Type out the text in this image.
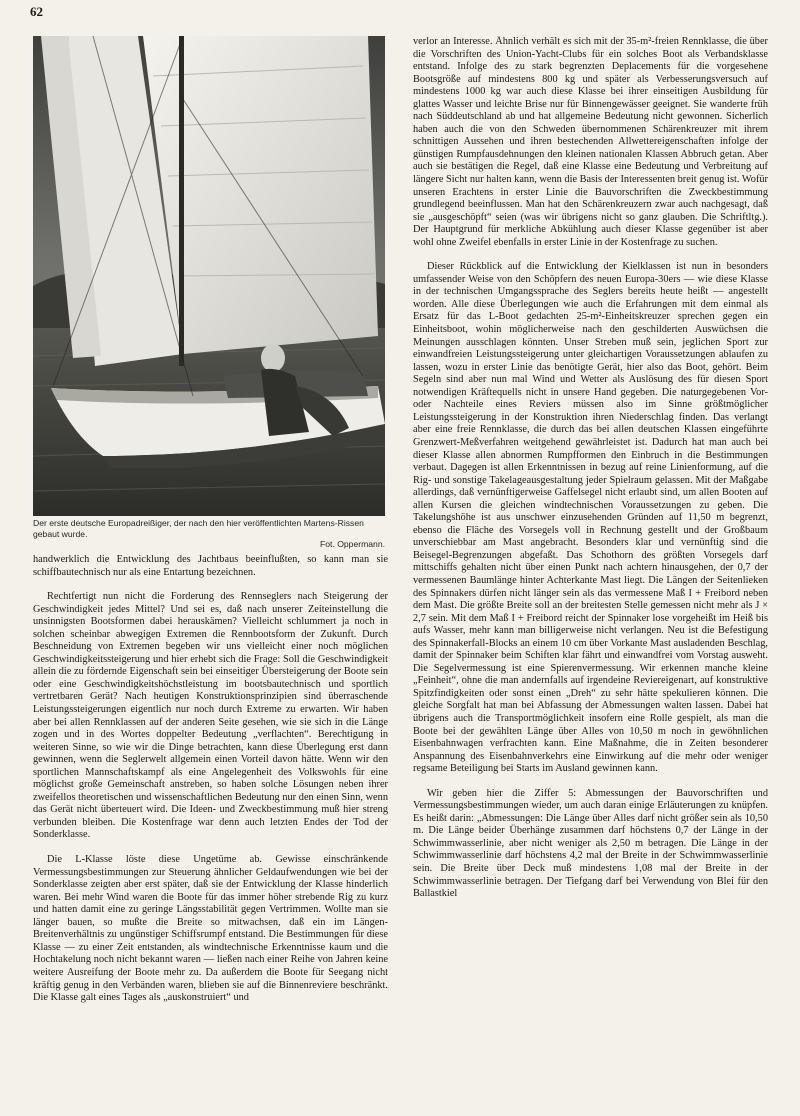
62
Der erste deutsche Europadreißiger, der nach den hier veröffentlichten Martens-Rissen gebaut wurde.
Fot. Oppermann.

handwerklich die Entwicklung des Jachtbaus beeinflußten, so kann man sie schiffbautechnisch nur als eine Entartung bezeichnen.

Rechtfertigt nun nicht die Forderung des Rennseglers nach Steigerung der Geschwindigkeit jedes Mittel? Und sei es, daß nach unserer Zeiteinstellung die unsinnigsten Bootsformen dabei herauskämen? Vielleicht schlummert ja noch in solchen scheinbar abwegigen Extremen die Rennbootsform der Zukunft. Durch Beschneidung von Extremen begeben wir uns vielleicht einer noch möglichen Geschwindigkeitssteigerung und hier erhebt sich die Frage: Soll die Geschwindigkeit allein die zu fördernde Eigenschaft sein bei einseitiger Übersteigerung der Boote sein oder eine Geschwindigkeitshöchstleistung im bootsbautechnisch und sportlich vertretbaren Gerät? Nach heutigen Konstruktionsprinzipien sind überraschende Leistungssteigerungen eigentlich nur noch durch Extreme zu erwarten. Wir haben aber bei allen Rennklassen auf der anderen Seite gesehen, wie sie sich in die Länge zogen und in des Wortes doppelter Bedeutung „verflachten“. Berechtigung in weiteren Sinne, so wie wir die Dinge betrachten, kann diese Überlegung erst dann gewinnen, wenn die Seglerwelt allgemein einen Vorteil davon hätte. Wenn wir den sportlichen Mannschaftskampf als eine Angelegenheit des Volkswohls für eine möglichst große Gemeinschaft anstreben, so haben solche Lösungen neben ihrer zweifellos theoretischen und wissenschaftlichen Bedeutung nur den einen Sinn, wenn das Gerät nicht überteuert wird. Die Ideen- und Zweckbestimmung muß hier streng verbunden bleiben. Die Kostenfrage war denn auch letzten Endes der Tod der Sonderklasse.

Die L-Klasse löste diese Ungetüme ab. Gewisse einschränkende Vermessungsbestimmungen zur Steuerung ähnlicher Geldaufwendungen wie bei der Sonderklasse zeigten aber erst später, daß sie der Entwicklung der Klasse hinderlich waren. Bei mehr Wind waren die Boote für das immer höher strebende Rig zu kurz und hatten damit eine zu geringe Längsstabilität gegen Vertrimmen. Wollte man sie länger bauen, so mußte die Breite so mitwachsen, daß ein im Längen-Breitenverhältnis zu ungünstiger Schiffsrumpf entstand. Die Bestimmungen für diese Klasse — zu einer Zeit entstanden, als windtechnische Erkenntnisse kaum und die Hochtakelung noch nicht bekannt waren — ließen nach einer Reihe von Jahren keine weitere Ausreifung der Boote mehr zu. Da außerdem die Boote für Seegang nicht kräftig genug in den Verbänden waren, blieben sie auf die Binnenreviere beschränkt. Die Klasse galt eines Tages als „auskonstruiert“ und

verlor an Interesse. Ähnlich verhält es sich mit der 35-m²-freien Rennklasse, die über die Vorschriften des Union-Yacht-Clubs für ein solches Boot als Verbandsklasse entstand. Infolge des zu stark begrenzten Deplacements für die vorgesehene Bootsgröße auf mindestens 800 kg und später als Verbesserungsversuch auf mindestens 1000 kg war auch diese Klasse bei ihrer einseitigen Ausbildung für glattes Wasser und leichte Brise nur für Binnengewässer geeignet. Sie wanderte früh nach Süddeutschland ab und hat allgemeine Bedeutung nicht gewonnen. Sicherlich haben auch die von den Schweden übernommenen Schärenkreuzer mit ihrem schnittigen Aussehen und ihren bestechenden Allwettereigenschaften infolge der günstigen Rumpfausdehnungen den kleinen nationalen Klassen Abbruch getan. Aber auch sie bestätigen die Regel, daß eine Klasse eine Bedeutung und Verbreitung auf längere Sicht nur halten kann, wenn die Basis der Interessenten breit genug ist. Wofür unseren Erachtens in erster Linie die Bauvorschriften die Zweckbestimmung grundlegend beeinflussen. Man hat den Schärenkreuzern zwar auch nachgesagt, daß sie „ausgeschöpft“ seien (was wir übrigens nicht so ganz glauben. Die Schriftltg.). Der Hauptgrund für merkliche Abkühlung auch dieser Klasse gegenüber ist aber wohl ohne Zweifel ebenfalls in erster Linie in der Kostenfrage zu suchen.

Dieser Rückblick auf die Entwicklung der Kielklassen ist nun in besonders umfassender Weise von den Schöpfern des neuen Europa-30ers — wie diese Klasse in der technischen Umgangssprache des Seglers bereits heute heißt — angestellt worden. Alle diese Überlegungen wie auch die Erfahrungen mit dem einmal als Ersatz für das L-Boot gedachten 25-m²-Einheitskreuzer sprechen gegen ein Einheitsboot, wohin möglicherweise nach den geschilderten Auswüchsen die Meinungen ausschlagen könnten. Unser Streben muß sein, jeglichen Sport zur einwandfreien Leistungssteigerung unter gleichartigen Voraussetzungen ablaufen zu lassen, wozu in erster Linie das benötigte Gerät, hier also das Boot, gehört. Beim Segeln sind aber nun mal Wind und Wetter als Auslösung des für diesen Sport notwendigen Kräftequells nicht in unsere Hand gegeben. Die naturgegebenen Vor- oder Nachteile eines Reviers müssen also im Sinne größtmöglicher Leistungssteigerung in der Konstruktion ihren Niederschlag finden. Das verlangt aber eine freie Rennklasse, die durch das bei allen deutschen Klassen eingeführte Grenzwert-Meßverfahren weitgehend gewährleistet ist. Dadurch hat man auch bei dieser Klasse allen abnormen Rumpfformen den Einbruch in die Bestimmungen verbaut. Dagegen ist allen Erkenntnissen in bezug auf reine Linienformung, auf die Rig- und sonstige Takelageausgestaltung jeder Spielraum gelassen. Mit der Maßgabe allerdings, daß vernünftigerweise Gaffelsegel nicht erlaubt sind, um allen Booten auf allen Kursen die gleichen windtechnischen Voraussetzungen zu geben. Die Takelungshöhe ist aus unschwer einzusehenden Gründen auf 11,50 m begrenzt, ebenso die Fläche des Vorsegels voll in Rechnung gestellt und der Großbaum unverschiebbar am Mast angebracht. Besonders klar und vernünftig sind die Beisegel-Begrenzungen abgefaßt. Das Schothorn des größten Vorsegels darf mittschiffs gehalten nicht über einen Punkt nach achtern hinausgehen, der 0,7 der vermessenen Baumlänge hinter Achterkante Mast liegt. Die Längen der Seitenlieken des Spinnakers dürfen nicht länger sein als das vermessene Maß I + Freibord neben dem Mast. Die größte Breite soll an der breitesten Stelle gemessen nicht mehr als J × 2,7 sein. Mit dem Maß I + Freibord reicht der Spinnaker lose vorgeheißt im Heiß bis aufs Wasser, mehr kann man billigerweise nicht verlangen. Neu ist die Befestigung des Spinnakerfall-Blocks an einem 10 cm über Vorkante Mast ausladenden Beschlag, damit der Spinnaker beim Schiften klar fährt und einwandfrei vom Vorstag ausweht. Die Segelvermessung ist eine Spierenvermessung. Wir erkennen manche kleine „Feinheit“, ohne die man andernfalls auf irgendeine Reviereigenart, auf konstruktive Spitzfindigkeiten oder sonst einen „Dreh“ zu sehr hätte spekulieren können. Die gleiche Sorgfalt hat man bei Abfassung der Abmessungen walten lassen. Dabei hat übrigens auch die Transportmöglichkeit insofern eine Rolle gespielt, als man die Boote bei der gewählten Länge über Alles von 10,50 m noch in gewöhnlichen Eisenbahnwagen verfrachten kann. Eine Maßnahme, die in Zeiten besonderer Anspannung des Eisenbahnverkehrs eine Einwirkung auf die mehr oder weniger regsame Beteiligung bei Starts im Ausland gewinnen kann.

Wir geben hier die Ziffer 5: Abmessungen der Bauvorschriften und Vermessungsbestimmungen wieder, um auch daran einige Erläuterungen zu knüpfen. Es heißt darin: „Abmessungen: Die Länge über Alles darf nicht größer sein als 10,50 m. Die Länge beider Überhänge zusammen darf höchstens 0,7 der Länge in der Schwimmwasserlinie, aber nicht weniger als 2,50 m betragen. Die Länge in der Schwimmwasserlinie darf höchstens 4,2 mal der Breite in der Schwimmwasserlinie sein. Die Breite über Deck muß mindestens 1,08 mal der Breite in der Schwimmwasserlinie betragen. Der Tiefgang darf bei Verwendung von Blei für den Ballastkiel
